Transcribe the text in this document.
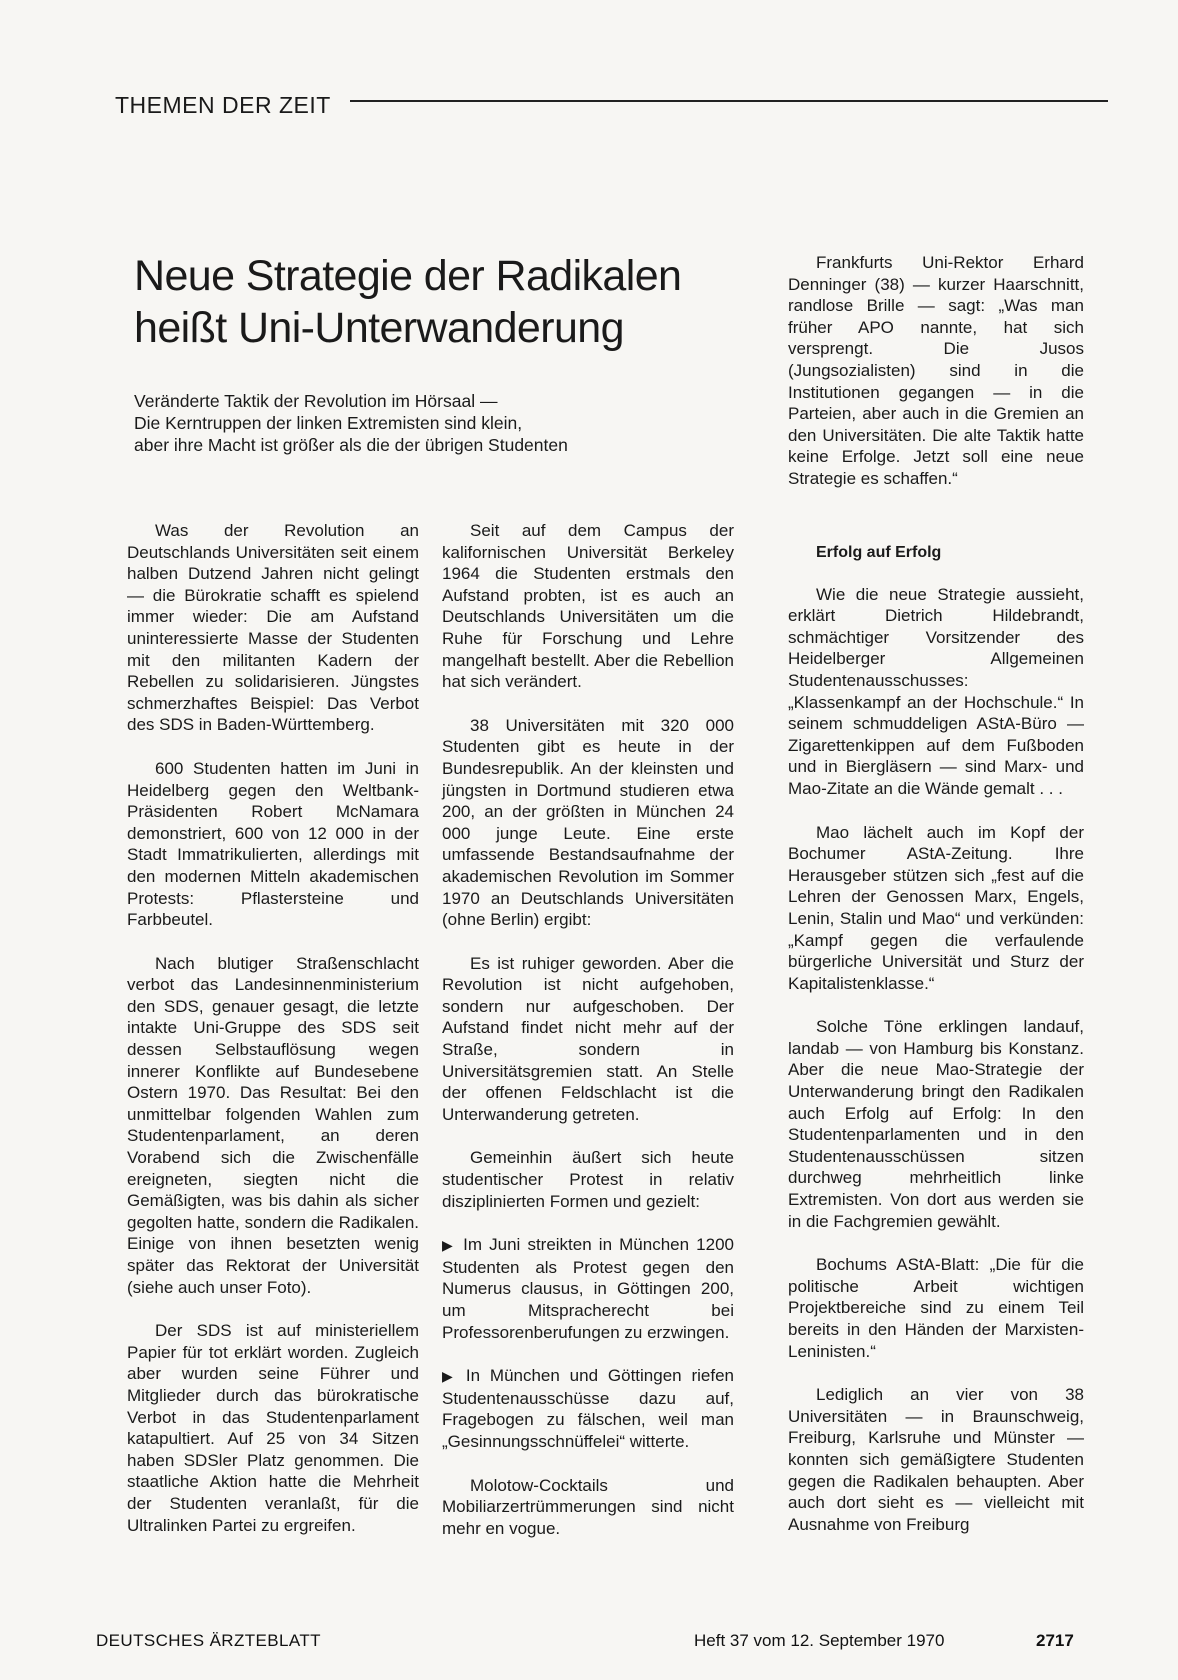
THEMEN DER ZEIT
Neue Strategie der Radikalen
heißt Uni-Unterwanderung
Veränderte Taktik der Revolution im Hörsaal —
Die Kerntruppen der linken Extremisten sind klein,
aber ihre Macht ist größer als die der übrigen Studenten

Frankfurts Uni-Rektor Erhard Denninger (38) — kurzer Haarschnitt, randlose Brille — sagt: „Was man früher APO nannte, hat sich versprengt. Die Jusos (Jungsozialisten) sind in die Institutionen gegangen — in die Parteien, aber auch in die Gremien an den Universitäten. Die alte Taktik hatte keine Erfolge. Jetzt soll eine neue Strategie es schaffen.“

Was der Revolution an Deutschlands Universitäten seit einem halben Dutzend Jahren nicht gelingt — die Bürokratie schafft es spielend immer wieder: Die am Aufstand uninteressierte Masse der Studenten mit den militanten Kadern der Rebellen zu solidarisieren. Jüngstes schmerzhaftes Beispiel: Das Verbot des SDS in Baden-Württemberg.

600 Studenten hatten im Juni in Heidelberg gegen den Weltbank-Präsidenten Robert McNamara demonstriert, 600 von 12 000 in der Stadt Immatrikulierten, allerdings mit den modernen Mitteln akademischen Protests: Pflastersteine und Farbbeutel.

Nach blutiger Straßenschlacht verbot das Landesinnenministerium den SDS, genauer gesagt, die letzte intakte Uni-Gruppe des SDS seit dessen Selbstauflösung wegen innerer Konflikte auf Bundesebene Ostern 1970. Das Resultat: Bei den unmittelbar folgenden Wahlen zum Studentenparlament, an deren Vorabend sich die Zwischenfälle ereigneten, siegten nicht die Gemäßigten, was bis dahin als sicher gegolten hatte, sondern die Radikalen. Einige von ihnen besetzten wenig später das Rektorat der Universität (siehe auch unser Foto).

Der SDS ist auf ministeriellem Papier für tot erklärt worden. Zugleich aber wurden seine Führer und Mitglieder durch das bürokratische Verbot in das Studentenparlament katapultiert. Auf 25 von 34 Sitzen haben SDSler Platz genommen. Die staatliche Aktion hatte die Mehrheit der Studenten veranlaßt, für die Ultralinken Partei zu ergreifen.

Seit auf dem Campus der kalifornischen Universität Berkeley 1964 die Studenten erstmals den Aufstand probten, ist es auch an Deutschlands Universitäten um die Ruhe für Forschung und Lehre mangelhaft bestellt. Aber die Rebellion hat sich verändert.

38 Universitäten mit 320 000 Studenten gibt es heute in der Bundesrepublik. An der kleinsten und jüngsten in Dortmund studieren etwa 200, an der größten in München 24 000 junge Leute. Eine erste umfassende Bestandsaufnahme der akademischen Revolution im Sommer 1970 an Deutschlands Universitäten (ohne Berlin) ergibt:

Es ist ruhiger geworden. Aber die Revolution ist nicht aufgehoben, sondern nur aufgeschoben. Der Aufstand findet nicht mehr auf der Straße, sondern in Universitätsgremien statt. An Stelle der offenen Feldschlacht ist die Unterwanderung getreten.

Gemeinhin äußert sich heute studentischer Protest in relativ disziplinierten Formen und gezielt:

▶ Im Juni streikten in München 1200 Studenten als Protest gegen den Numerus clausus, in Göttingen 200, um Mitspracherecht bei Professorenberufungen zu erzwingen.

▶ In München und Göttingen riefen Studentenausschüsse dazu auf, Fragebogen zu fälschen, weil man „Gesinnungsschnüffelei“ witterte.

Molotow-Cocktails und Mobiliarzertrümmerungen sind nicht mehr en vogue.

Erfolg auf Erfolg

Wie die neue Strategie aussieht, erklärt Dietrich Hildebrandt, schmächtiger Vorsitzender des Heidelberger Allgemeinen Studentenausschusses: „Klassenkampf an der Hochschule.“ In seinem schmuddeligen AStA-Büro — Zigarettenkippen auf dem Fußboden und in Biergläsern — sind Marx- und Mao-Zitate an die Wände gemalt . . .

Mao lächelt auch im Kopf der Bochumer AStA-Zeitung. Ihre Herausgeber stützen sich „fest auf die Lehren der Genossen Marx, Engels, Lenin, Stalin und Mao“ und verkünden: „Kampf gegen die verfaulende bürgerliche Universität und Sturz der Kapitalistenklasse.“

Solche Töne erklingen landauf, landab — von Hamburg bis Konstanz. Aber die neue Mao-Strategie der Unterwanderung bringt den Radikalen auch Erfolg auf Erfolg: In den Studentenparlamenten und in den Studentenausschüssen sitzen durchweg mehrheitlich linke Extremisten. Von dort aus werden sie in die Fachgremien gewählt.

Bochums AStA-Blatt: „Die für die politische Arbeit wichtigen Projektbereiche sind zu einem Teil bereits in den Händen der Marxisten-Leninisten.“

Lediglich an vier von 38 Universitäten — in Braunschweig, Freiburg, Karlsruhe und Münster — konnten sich gemäßigtere Studenten gegen die Radikalen behaupten. Aber auch dort sieht es — vielleicht mit Ausnahme von Freiburg

DEUTSCHES ÄRZTEBLATT	Heft 37 vom 12. September 1970	2717
